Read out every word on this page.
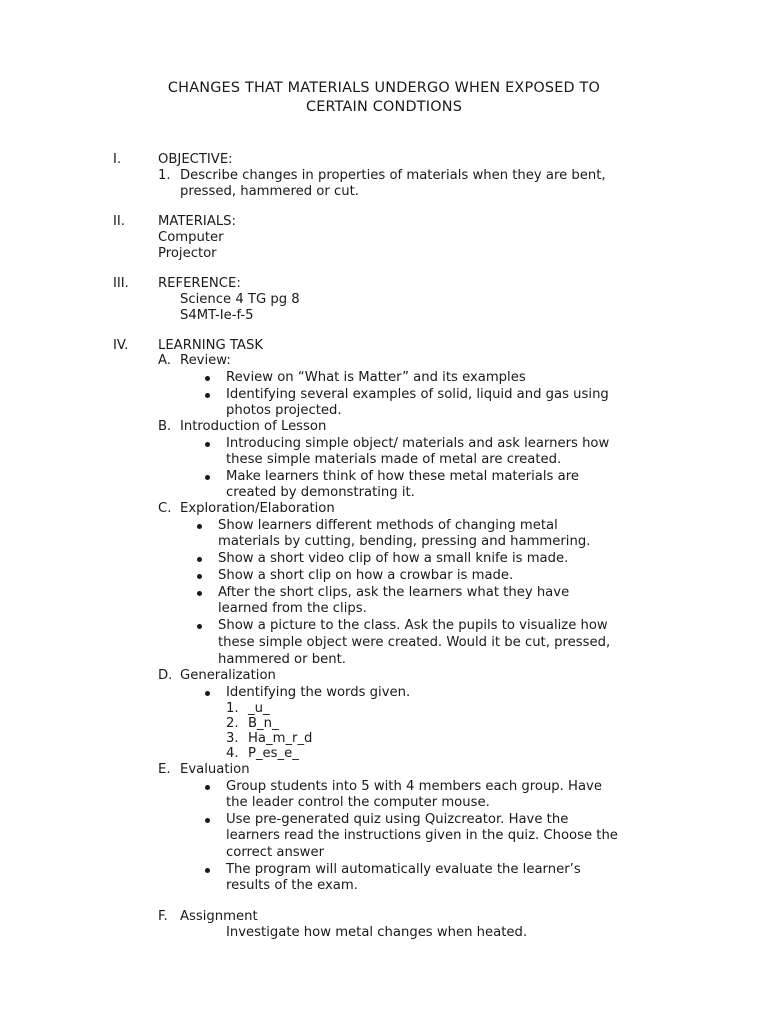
CHANGES THAT MATERIALS UNDERGO WHEN EXPOSED TO
CERTAIN CONDTIONS
I.	OBJECTIVE:
1. Describe changes in properties of materials when they are bent,
pressed, hammered or cut.
II.	MATERIALS:
Computer
Projector
III. REFERENCE:
Science 4 TG pg 8
S4MT-Ie-f-5
IV. LEARNING TASK
A. Review:
Review on “What is Matter” and its examples
Identifying several examples of solid, liquid and gas using
photos projected.
B. Introduction of Lesson
Introducing simple object/ materials and ask learners how
these simple materials made of metal are created.
Make learners think of how these metal materials are
created by demonstrating it.
C. Exploration/Elaboration
Show learners different methods of changing metal
materials by cutting, bending, pressing and hammering.
Show a short video clip of how a small knife is made.
Show a short clip on how a crowbar is made.
After the short clips, ask the learners what they have
learned from the clips.
Show a picture to the class. Ask the pupils to visualize how
these simple object were created. Would it be cut, pressed,
hammered or bent.
D. Generalization
Identifying the words given.
1. _u_
2. B_n_
3. Ha_m_r_d
4. P_es_e_
E. Evaluation
Group students into 5 with 4 members each group. Have
the leader control the computer mouse.
Use pre-generated quiz using Quizcreator. Have the
learners read the instructions given in the quiz. Choose the
correct answer
The program will automatically evaluate the learner’s
results of the exam.
F. Assignment
Investigate how metal changes when heated.
